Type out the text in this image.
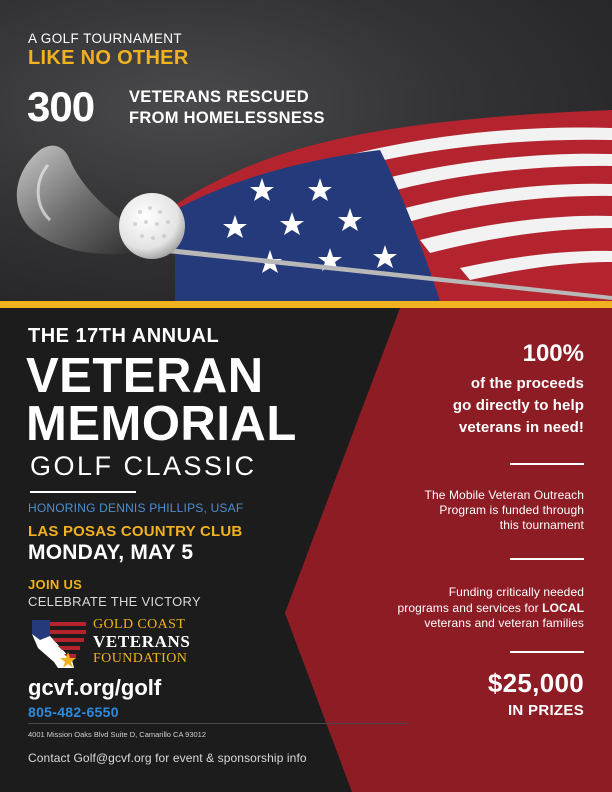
A GOLF TOURNAMENT
LIKE NO OTHER
300 VETERANS RESCUED
FROM HOMELESSNESS
THE 17TH ANNUAL
VETERAN
MEMORIAL
GOLF CLASSIC
HONORING DENNIS PHILLIPS, USAF
LAS POSAS COUNTRY CLUB
MONDAY, MAY 5
JOIN US
CELEBRATE THE VICTORY
GOLD COAST
VETERANS
FOUNDATION
gcvf.org/golf
805-482-6550
4001 Mission Oaks Blvd Suite D, Camarillo CA 93012
Contact Golf@gcvf.org for event & sponsorship info
100%
of the proceeds
go directly to help
veterans in need!
The Mobile Veteran Outreach
Program is funded through
this tournament
Funding critically needed
programs and services for LOCAL
veterans and veteran families
$25,000
IN PRIZES
